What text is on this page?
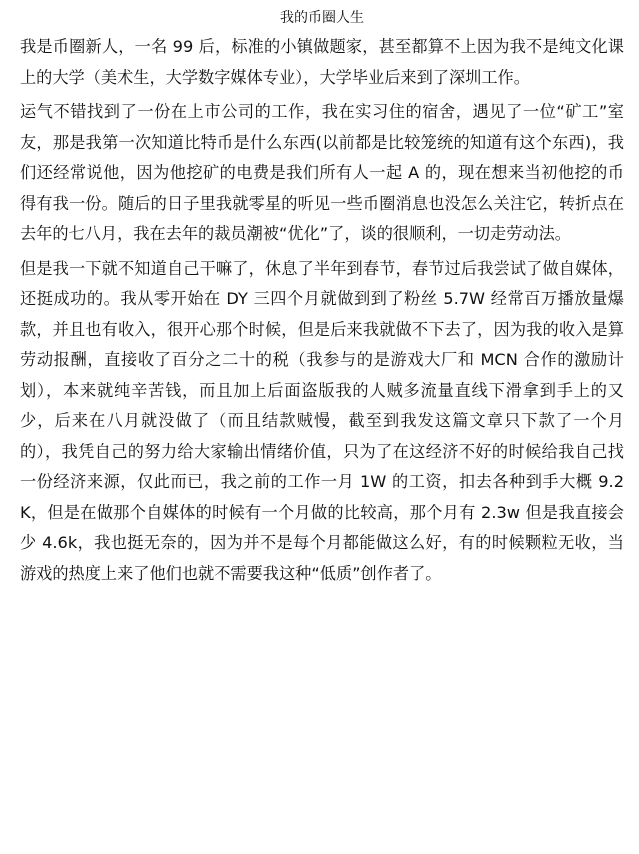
我的币圈人生

我是币圈新人，一名 99 后，标准的小镇做题家，甚至都算不上因为我不是纯文化课上的大学（美术生，大学数字媒体专业），大学毕业后来到了深圳工作。

运气不错找到了一份在上市公司的工作，我在实习住的宿舍，遇见了一位“矿工”室友，那是我第一次知道比特币是什么东西(以前都是比较笼统的知道有这个东西)，我们还经常说他，因为他挖矿的电费是我们所有人一起 A 的，现在想来当初他挖的币得有我一份。随后的日子里我就零星的听见一些币圈消息也没怎么关注它，转折点在去年的七八月，我在去年的裁员潮被“优化”了，谈的很顺利，一切走劳动法。

但是我一下就不知道自己干嘛了，休息了半年到春节，春节过后我尝试了做自媒体，还挺成功的。我从零开始在 DY 三四个月就做到到了粉丝 5.7W 经常百万播放量爆款，并且也有收入，很开心那个时候，但是后来我就做不下去了，因为我的收入是算劳动报酬，直接收了百分之二十的税（我参与的是游戏大厂和 MCN 合作的激励计划），本来就纯辛苦钱，而且加上后面盗版我的人贼多流量直线下滑拿到手上的又少，后来在八月就没做了（而且结款贼慢，截至到我发这篇文章只下款了一个月的），我凭自己的努力给大家输出情绪价值，只为了在这经济不好的时候给我自己找一份经济来源，仅此而已，我之前的工作一月 1W 的工资，扣去各种到手大概 9.2K，但是在做那个自媒体的时候有一个月做的比较高，那个月有 2.3w 但是我直接会少 4.6k，我也挺无奈的，因为并不是每个月都能做这么好，有的时候颗粒无收，当游戏的热度上来了他们也就不需要我这种“低质”创作者了。
